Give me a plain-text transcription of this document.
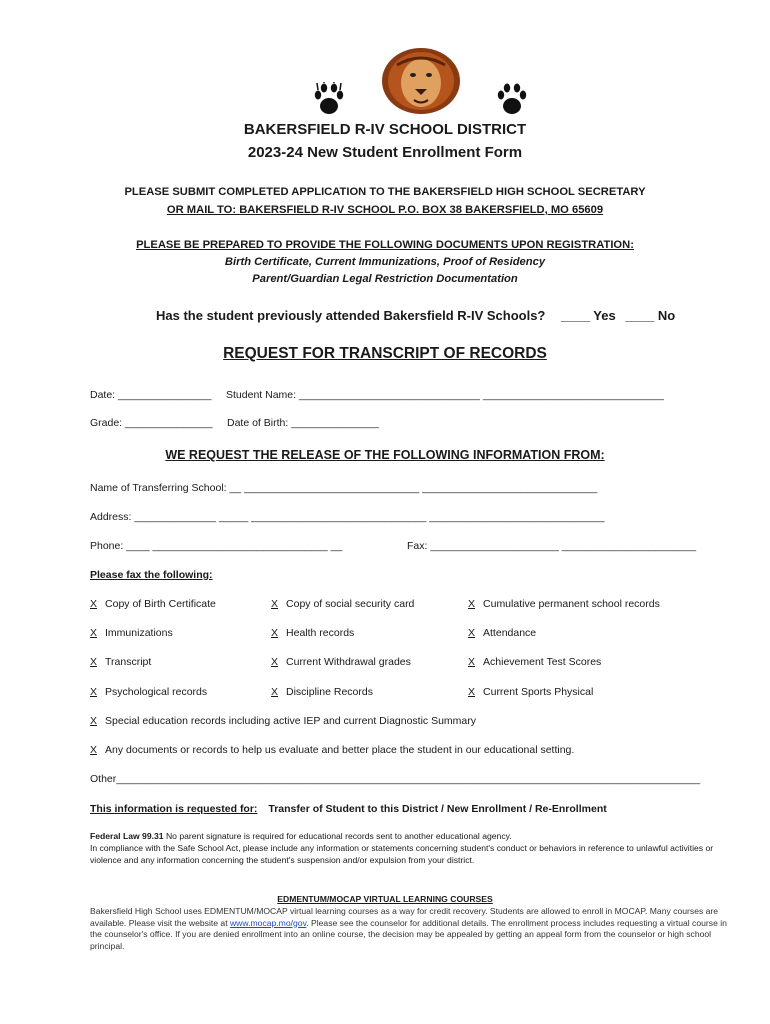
BAKERSFIELD R-IV SCHOOL DISTRICT
2023-24 New Student Enrollment Form
PLEASE SUBMIT COMPLETED APPLICATION TO THE BAKERSFIELD HIGH SCHOOL SECRETARY
OR MAIL TO: BAKERSFIELD R-IV SCHOOL P.O. BOX 38 BAKERSFIELD, MO 65609
PLEASE BE PREPARED TO PROVIDE THE FOLLOWING DOCUMENTS UPON REGISTRATION:
Birth Certificate, Current Immunizations, Proof of Residency
Parent/Guardian Legal Restriction Documentation
Has the student previously attended Bakersfield R-IV Schools? ____ Yes ____ No
REQUEST FOR TRANSCRIPT OF RECORDS
Date: ________________ Student Name: _______________________________ _______________________________
Grade: _______________ Date of Birth: _______________
WE REQUEST THE RELEASE OF THE FOLLOWING INFORMATION FROM:
Name of Transferring School: __ ______________________________ ______________________________
Address: ______________ _____ ______________________________ ______________________________
Phone: ____ ______________________________ __	Fax: ______________________ _______________________
Please fax the following:
X Copy of Birth Certificate	X Copy of social security card	X Cumulative permanent school records
X Immunizations	X Health records	X Attendance
X Transcript	X Current Withdrawal grades	X Achievement Test Scores
X Psychological records	X Discipline Records	X Current Sports Physical
X Special education records including active IEP and current Diagnostic Summary
X Any documents or records to help us evaluate and better place the student in our educational setting.
Other____________________________________________________________________________________________________
This information is requested for: Transfer of Student to this District / New Enrollment / Re-Enrollment
Federal Law 99.31 No parent signature is required for educational records sent to another educational agency.
In compliance with the Safe School Act, please include any information or statements concerning student's conduct or behaviors in reference to unlawful activities or violence and any information concerning the student's suspension and/or expulsion from your district.
EDMENTUM/MOCAP VIRTUAL LEARNING COURSES
Bakersfield High School uses EDMENTUM/MOCAP virtual learning courses as a way for credit recovery. Students are allowed to enroll in MOCAP. Many courses are available. Please visit the website at www.mocap.mo/gov. Please see the counselor for additional details. The enrollment process includes requesting a virtual course in the counselor's office. If you are denied enrollment into an online course, the decision may be appealed by getting an appeal form from the counselor or high school principal.
